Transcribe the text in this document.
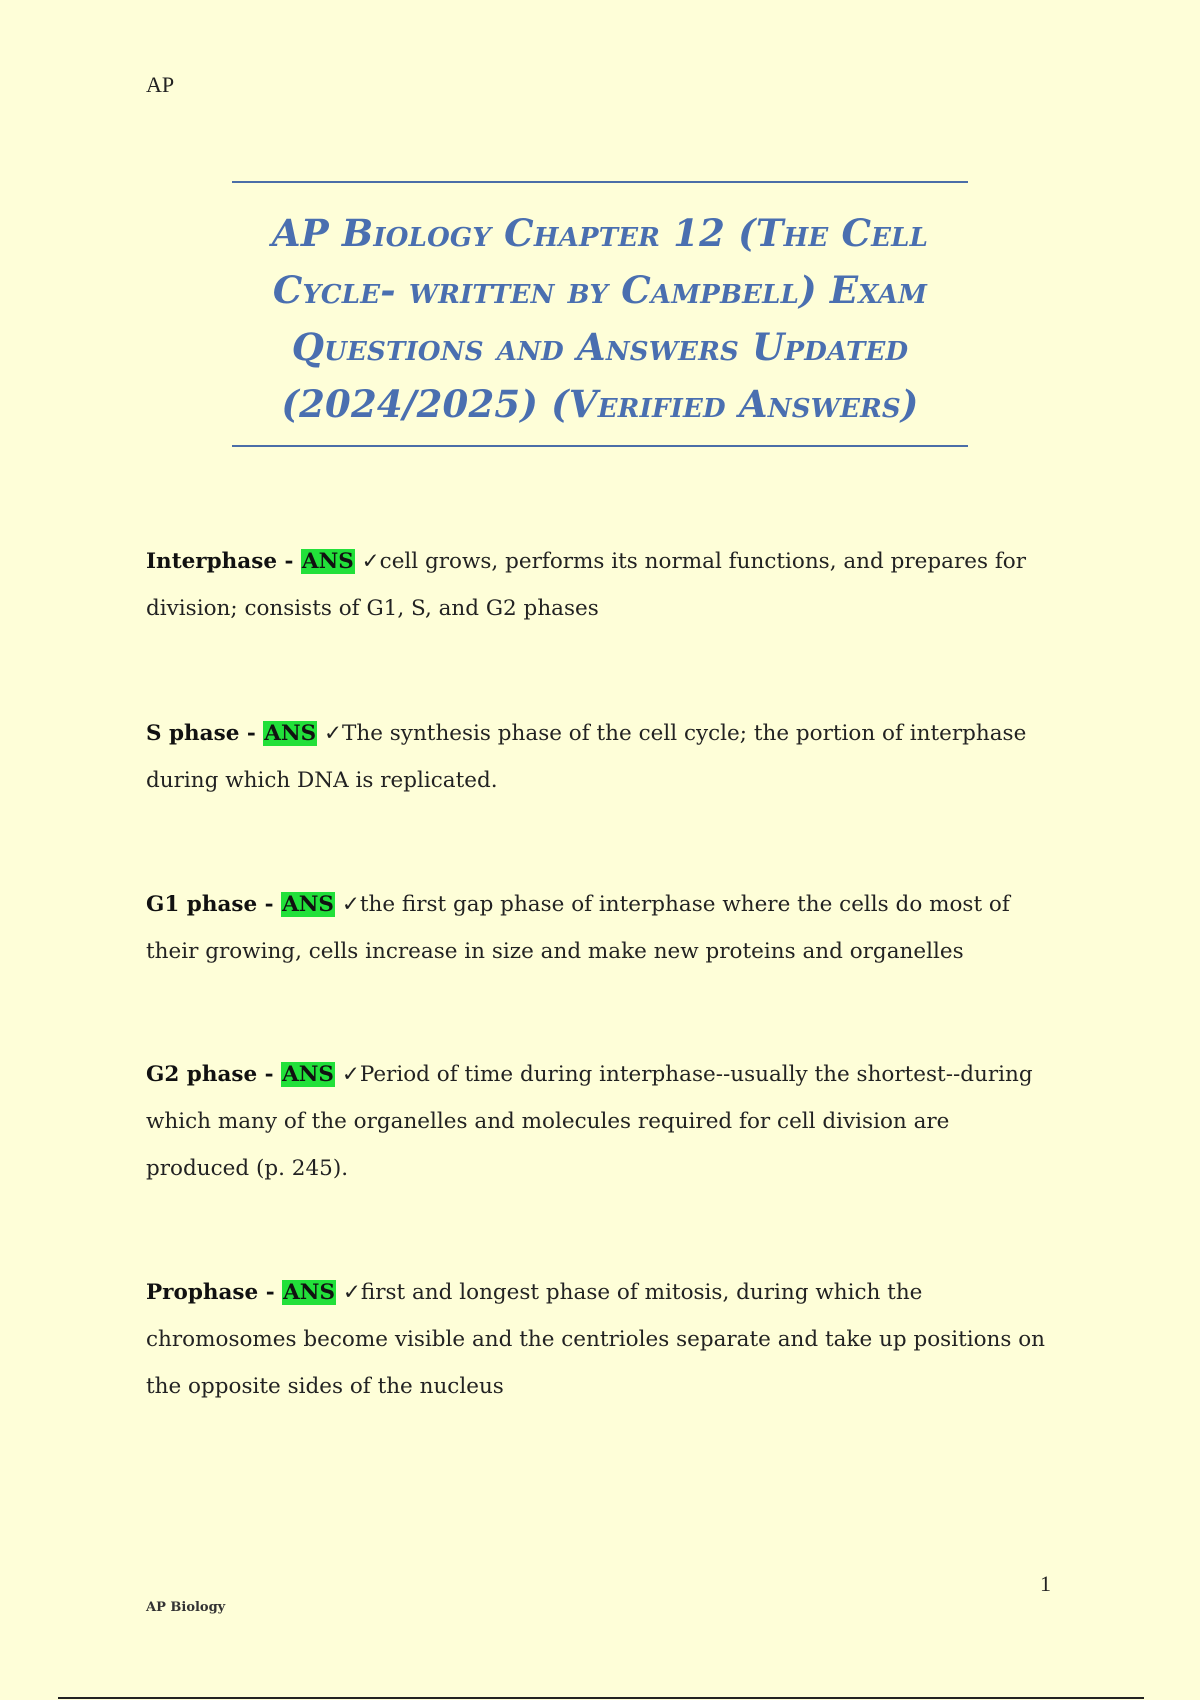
AP
AP Biology Chapter 12 (The Cell
Cycle- written by Campbell) Exam
Questions and Answers Updated
(2024/2025) (Verified Answers)

Interphase - ANS ✓cell grows, performs its normal functions, and prepares for division; consists of G1, S, and G2 phases

S phase - ANS ✓The synthesis phase of the cell cycle; the portion of interphase during which DNA is replicated.

G1 phase - ANS ✓the first gap phase of interphase where the cells do most of their growing, cells increase in size and make new proteins and organelles

G2 phase - ANS ✓Period of time during interphase--usually the shortest--during which many of the organelles and molecules required for cell division are produced (p. 245).

Prophase - ANS ✓first and longest phase of mitosis, during which the chromosomes become visible and the centrioles separate and take up positions on the opposite sides of the nucleus

1
AP Biology
